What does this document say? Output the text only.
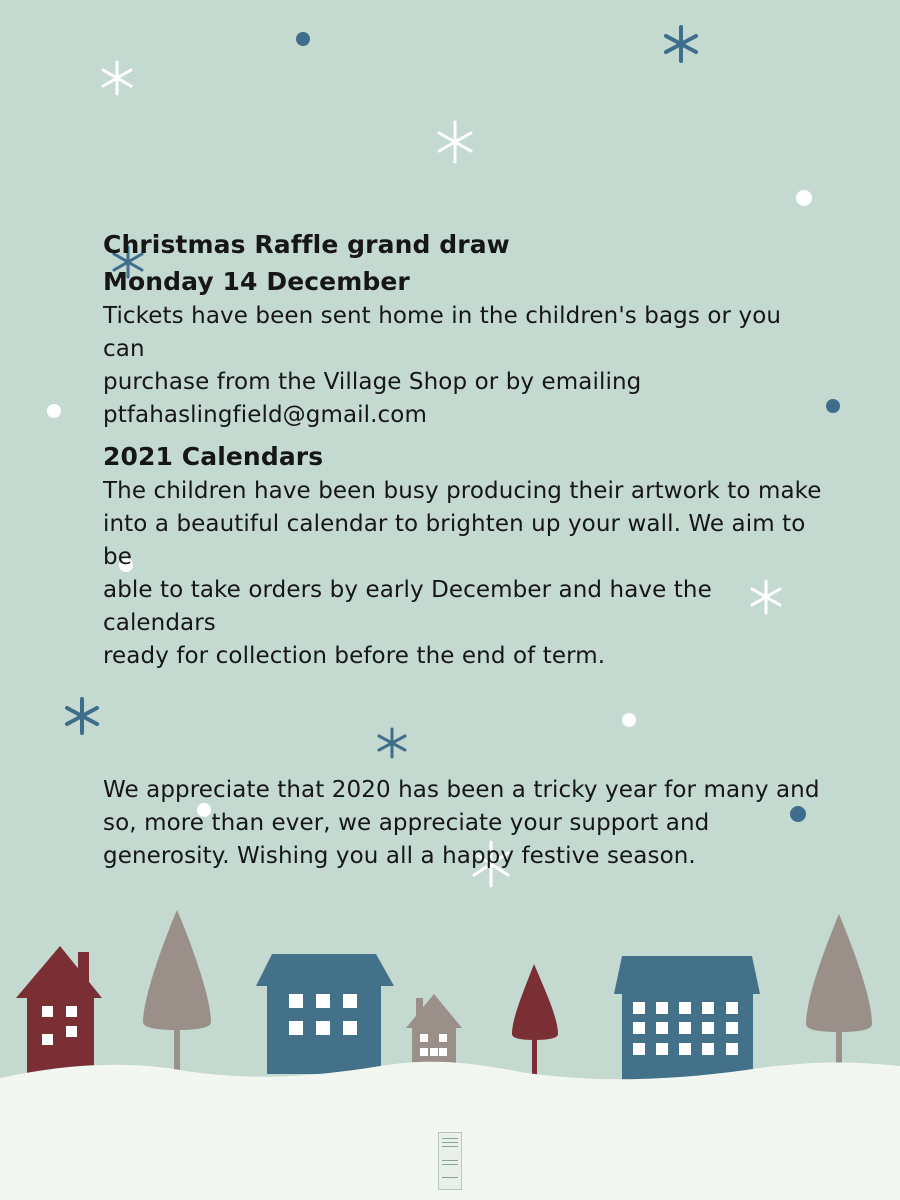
Christmas Raffle grand draw
Monday 14 December
Tickets have been sent home in the children's bags or you can
purchase from the Village Shop or by emailing
ptfahaslingfield@gmail.com
2021 Calendars
The children have been busy producing their artwork to make
into a beautiful calendar to brighten up your wall. We aim to be
able to take orders by early December and have the calendars
ready for collection before the end of term.
We appreciate that 2020 has been a tricky year for many and
so, more than ever, we appreciate your support and
generosity. Wishing you all a happy festive season.
